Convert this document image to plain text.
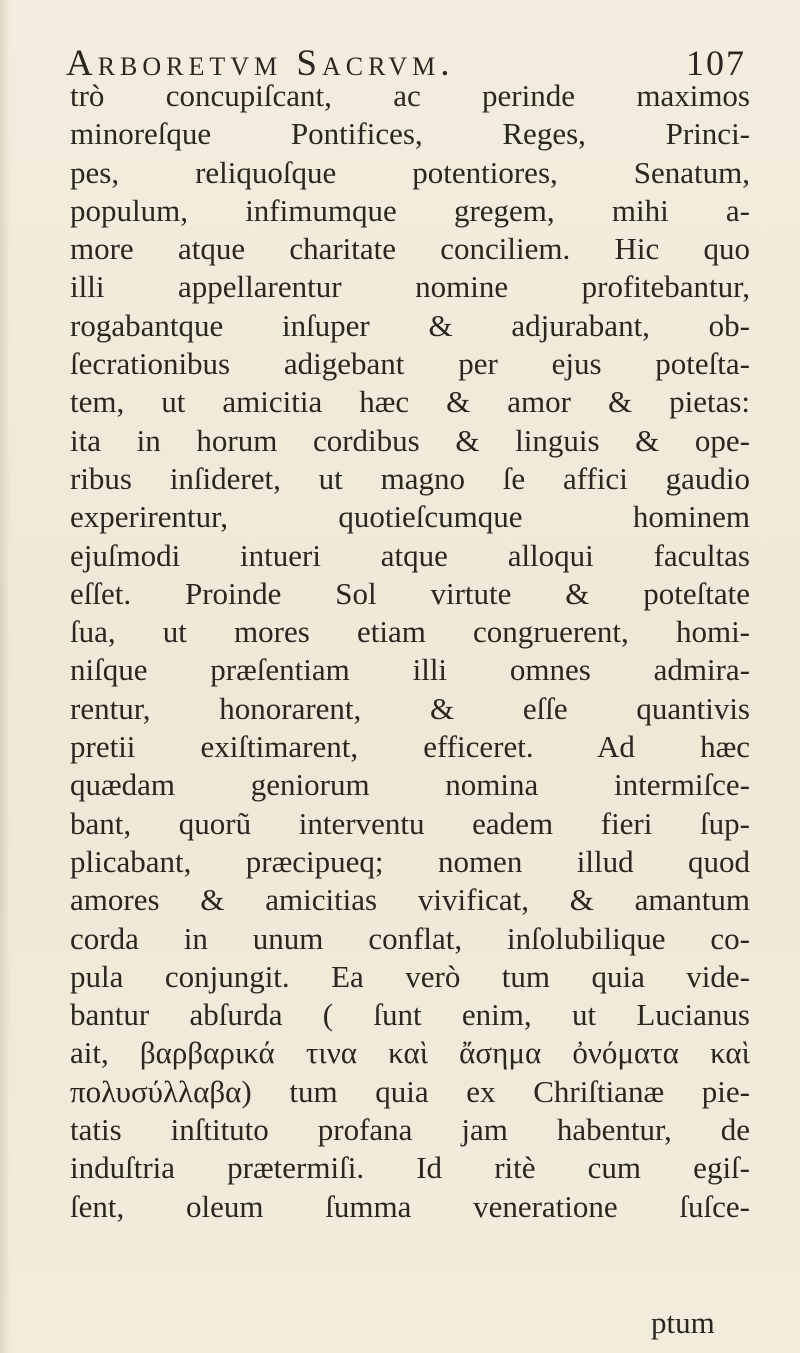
Arboretvm Sacrvm.	107
trò concupiſcant, ac perinde maximos
minoreſque Pontifices, Reges, Princi-
pes, reliquoſque potentiores, Senatum,
populum, infimumque gregem, mihi a-
more atque charitate conciliem. Hic quo
illi appellarentur nomine profitebantur,
rogabantque inſuper & adjurabant, ob-
ſecrationibus adigebant per ejus poteſta-
tem, ut amicitia hæc & amor & pietas:
ita in horum cordibus & linguis & ope-
ribus inſideret, ut magno ſe affici gaudio
experirentur, quotieſcumque hominem
ejuſmodi intueri atque alloqui facultas
eſſet. Proinde Sol virtute & poteſtate
ſua, ut mores etiam congruerent, homi-
niſque præſentiam illi omnes admira-
rentur, honorarent, & eſſe quantivis
pretii exiſtimarent, efficeret. Ad hæc
quædam geniorum nomina intermiſce-
bant, quorũ interventu eadem fieri ſup-
plicabant, præcipueq; nomen illud quod
amores & amicitias vivificat, & amantum
corda in unum conflat, inſolubilique co-
pula conjungit. Ea verò tum quia vide-
bantur abſurda ( ſunt enim, ut Lucianus
ait, βαρβαρικά τινα καὶ ἄσημα ὀνόματα καὶ
πολυσύλλαβα) tum quia ex Chriſtianæ pie-
tatis inſtituto profana jam habentur, de
induſtria prætermiſi. Id ritè cum egiſ-
ſent, oleum ſumma veneratione ſuſce-
ptum
